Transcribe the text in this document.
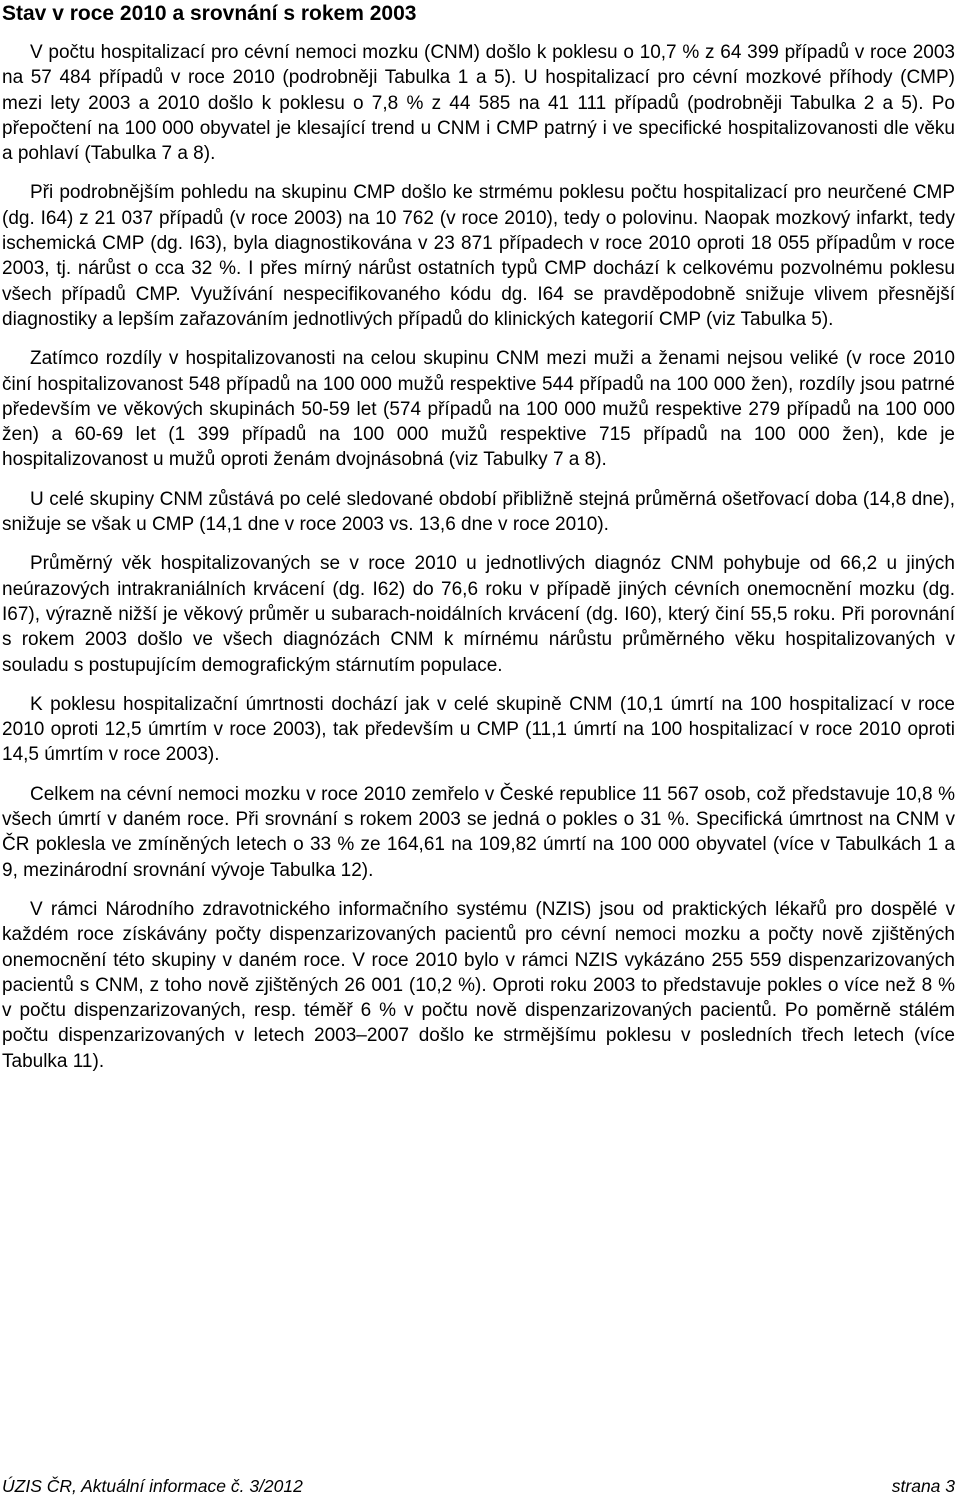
Stav v roce 2010 a srovnání s rokem 2003

V počtu hospitalizací pro cévní nemoci mozku (CNM) došlo k poklesu o 10,7 % z 64 399 případů v roce 2003 na 57 484 případů v roce 2010 (podrobněji Tabulka 1 a 5). U hospitalizací pro cévní mozkové příhody (CMP) mezi lety 2003 a 2010 došlo k poklesu o 7,8 % z 44 585 na 41 111 případů (podrobněji Tabulka 2 a 5). Po přepočtení na 100 000 obyvatel je klesající trend u CNM i CMP patrný i ve specifické hospitalizovanosti dle věku a pohlaví (Tabulka 7 a 8).

Při podrobnějším pohledu na skupinu CMP došlo ke strmému poklesu počtu hospitalizací pro neurčené CMP (dg. I64) z 21 037 případů (v roce 2003) na 10 762 (v roce 2010), tedy o polovinu. Naopak mozkový infarkt, tedy ischemická CMP (dg. I63), byla diagnostikována v 23 871 případech v roce 2010 oproti 18 055 případům v roce 2003, tj. nárůst o cca 32 %. I přes mírný nárůst ostatních typů CMP dochází k celkovému pozvolnému poklesu všech případů CMP. Využívání nespecifikovaného kódu dg. I64 se pravděpodobně snižuje vlivem přesnější diagnostiky a lepším zařazováním jednotlivých případů do klinických kategorií CMP (viz Tabulka 5).

Zatímco rozdíly v hospitalizovanosti na celou skupinu CNM mezi muži a ženami nejsou veliké (v roce 2010 činí hospitalizovanost 548 případů na 100 000 mužů respektive 544 případů na 100 000 žen), rozdíly jsou patrné především ve věkových skupinách 50-59 let (574 případů na 100 000 mužů respektive 279 případů na 100 000 žen) a 60-69 let (1 399 případů na 100 000 mužů respektive 715 případů na 100 000 žen), kde je hospitalizovanost u mužů oproti ženám dvojnásobná (viz Tabulky 7 a 8).

U celé skupiny CNM zůstává po celé sledované období přibližně stejná průměrná ošetřovací doba (14,8 dne), snižuje se však u CMP (14,1 dne v roce 2003 vs. 13,6 dne v roce 2010).

Průměrný věk hospitalizovaných se v roce 2010 u jednotlivých diagnóz CNM pohybuje od 66,2 u jiných neúrazových intrakraniálních krvácení (dg. I62) do 76,6 roku v případě jiných cévních onemocnění mozku (dg. I67), výrazně nižší je věkový průměr u subarach-noidálních krvácení (dg. I60), který činí 55,5 roku. Při porovnání s rokem 2003 došlo ve všech diagnózách CNM k mírnému nárůstu průměrného věku hospitalizovaných v souladu s postupujícím demografickým stárnutím populace.

K poklesu hospitalizační úmrtnosti dochází jak v celé skupině CNM (10,1 úmrtí na 100 hospitalizací v roce 2010 oproti 12,5 úmrtím v roce 2003), tak především u CMP (11,1 úmrtí na 100 hospitalizací v roce 2010 oproti 14,5 úmrtím v roce 2003).

Celkem na cévní nemoci mozku v roce 2010 zemřelo v České republice 11 567 osob, což představuje 10,8 % všech úmrtí v daném roce. Při srovnání s rokem 2003 se jedná o pokles o 31 %. Specifická úmrtnost na CNM v ČR poklesla ve zmíněných letech o 33 % ze 164,61 na 109,82 úmrtí na 100 000 obyvatel (více v Tabulkách 1 a 9, mezinárodní srovnání vývoje Tabulka 12).

V rámci Národního zdravotnického informačního systému (NZIS) jsou od praktických lékařů pro dospělé v každém roce získávány počty dispenzarizovaných pacientů pro cévní nemoci mozku a počty nově zjištěných onemocnění této skupiny v daném roce. V roce 2010 bylo v rámci NZIS vykázáno 255 559 dispenzarizovaných pacientů s CNM, z toho nově zjištěných 26 001 (10,2 %). Oproti roku 2003 to představuje pokles o více než 8 % v počtu dispenzarizovaných, resp. téměř 6 % v počtu nově dispenzarizovaných pacientů. Po poměrně stálém počtu dispenzarizovaných v letech 2003–2007 došlo ke strmějšímu poklesu v posledních třech letech (více Tabulka 11).

ÚZIS ČR, Aktuální informace č. 3/2012	strana 3
